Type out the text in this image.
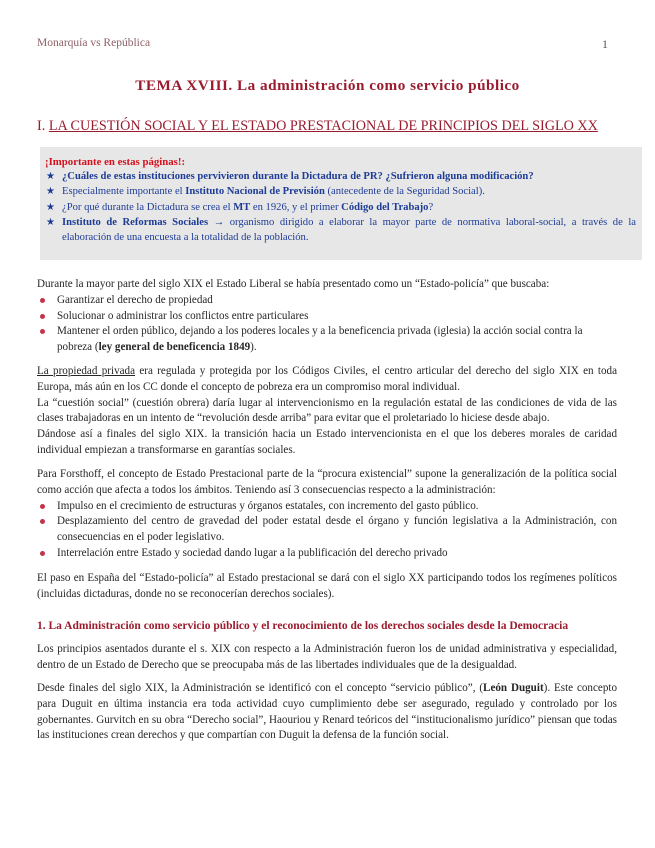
Monarquía vs República	1
TEMA XVIII. La administración como servicio público
I. LA CUESTIÓN SOCIAL Y EL ESTADO PRESTACIONAL DE PRINCIPIOS DEL SIGLO XX
¡Importante en estas páginas!:
★ ¿Cuáles de estas instituciones pervivieron durante la Dictadura de PR? ¿Sufrieron alguna modificación?
★ Especialmente importante el Instituto Nacional de Previsión (antecedente de la Seguridad Social).
★ ¿Por qué durante la Dictadura se crea el MT en 1926, y el primer Código del Trabajo?
★ Instituto de Reformas Sociales → organismo dirigido a elaborar la mayor parte de normativa laboral-social, a través de la elaboración de una encuesta a la totalidad de la población.

Durante la mayor parte del siglo XIX el Estado Liberal se había presentado como un “Estado-policía” que buscaba:

Garantizar el derecho de propiedad
Solucionar o administrar los conflictos entre particulares
Mantener el orden público, dejando a los poderes locales y a la beneficencia privada (iglesia) la acción social contra la pobreza (ley general de beneficencia 1849).

La propiedad privada era regulada y protegida por los Códigos Civiles, el centro articular del derecho del siglo XIX en toda Europa, más aún en los CC donde el concepto de pobreza era un compromiso moral individual.

La “cuestión social” (cuestión obrera) daría lugar al intervencionismo en la regulación estatal de las condiciones de vida de las clases trabajadoras en un intento de “revolución desde arriba” para evitar que el proletariado lo hiciese desde abajo.

Dándose así a finales del siglo XIX. la transición hacia un Estado intervencionista en el que los deberes morales de caridad individual empiezan a transformarse en garantías sociales.

Para Forsthoff, el concepto de Estado Prestacional parte de la “procura existencial” supone la generalización de la política social como acción que afecta a todos los ámbitos. Teniendo así 3 consecuencias respecto a la administración:

Impulso en el crecimiento de estructuras y órganos estatales, con incremento del gasto público.
Desplazamiento del centro de gravedad del poder estatal desde el órgano y función legislativa a la Administración, con consecuencias en el poder legislativo.
Interrelación entre Estado y sociedad dando lugar a la publificación del derecho privado

El paso en España del “Estado-policía” al Estado prestacional se dará con el siglo XX participando todos los regímenes políticos (incluidas dictaduras, donde no se reconocerían derechos sociales).

1. La Administración como servicio público y el reconocimiento de los derechos sociales desde la Democracia

Los principios asentados durante el s. XIX con respecto a la Administración fueron los de unidad administrativa y especialidad, dentro de un Estado de Derecho que se preocupaba más de las libertades individuales que de la desigualdad.

Desde finales del siglo XIX, la Administración se identificó con el concepto “servicio público”, (León Duguit). Este concepto para Duguit en última instancia era toda actividad cuyo cumplimiento debe ser asegurado, regulado y controlado por los gobernantes. Gurvitch en su obra “Derecho social”, Haouriou y Renard teóricos del “institucionalismo jurídico” piensan que todas las instituciones crean derechos y que compartían con Duguit la defensa de la función social.
